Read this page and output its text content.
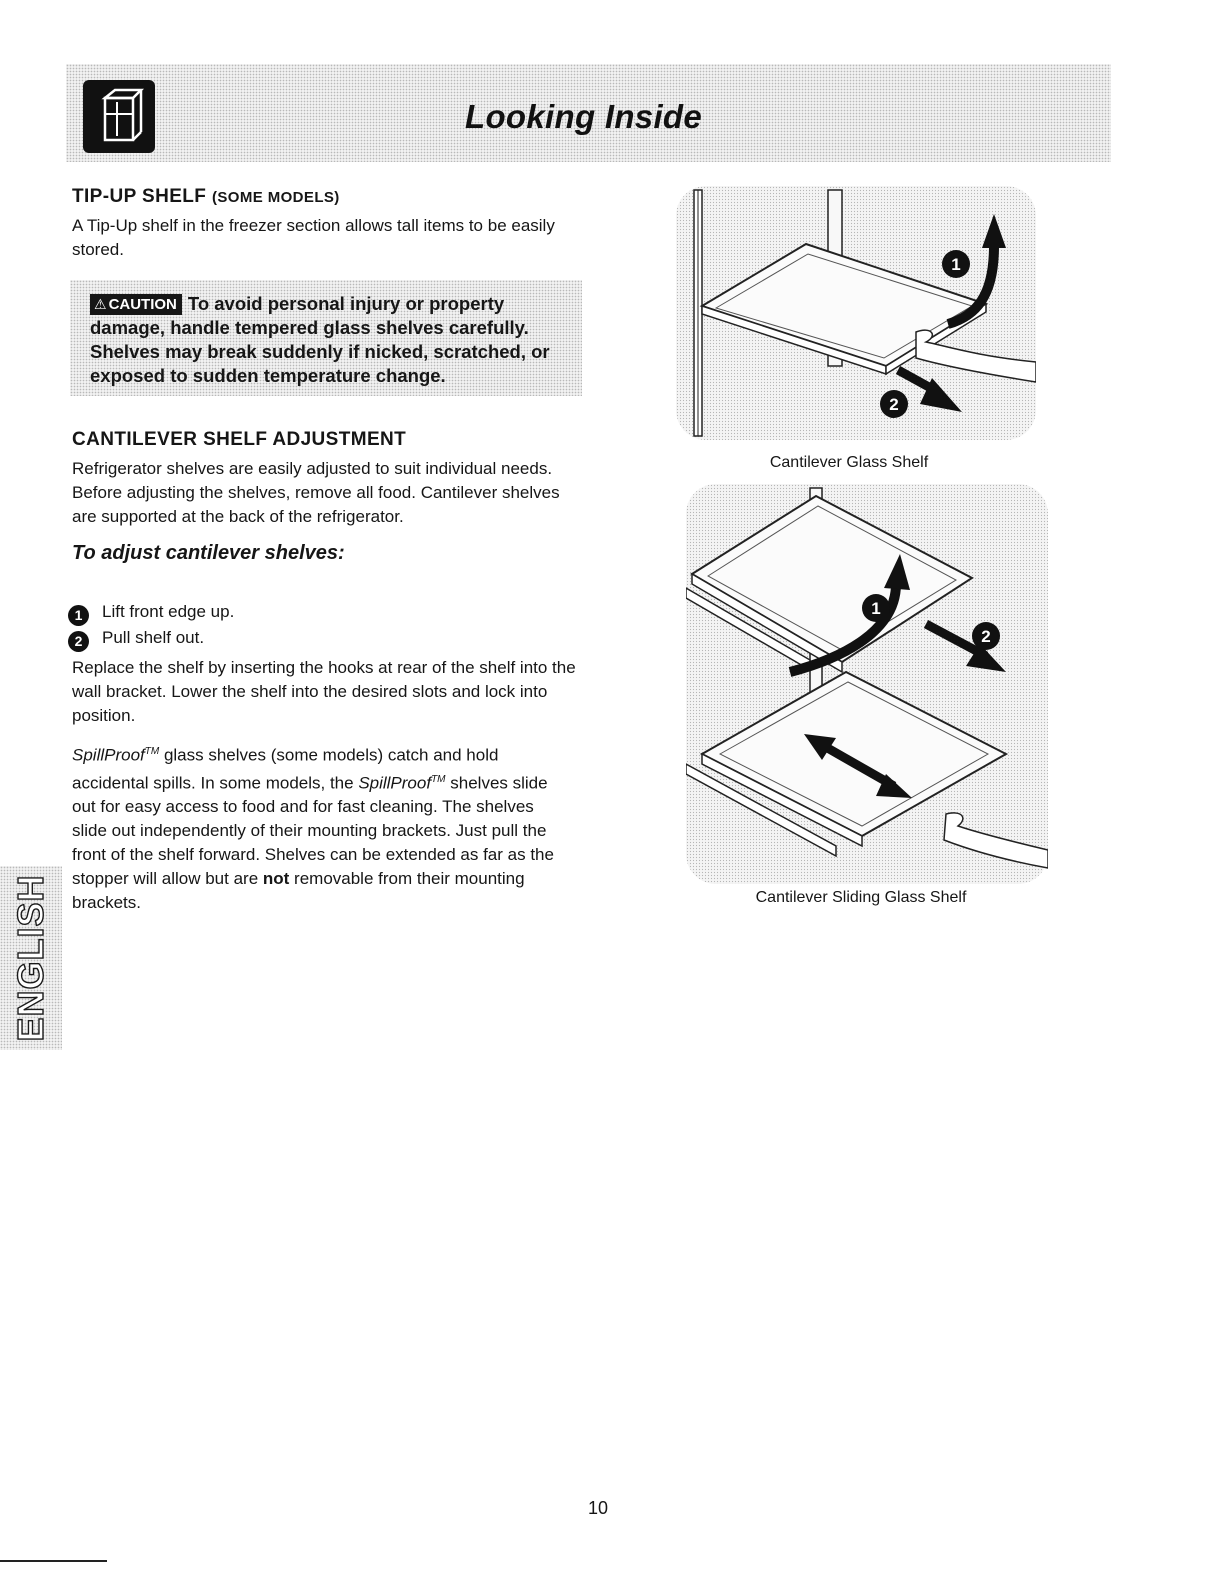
Looking Inside
TIP-UP SHELF (SOME MODELS)

A Tip-Up shelf in the freezer section allows tall items to be easily stored.

⚠ CAUTION To avoid personal injury or property damage, handle tempered glass shelves carefully. Shelves may break suddenly if nicked, scratched, or exposed to sudden temperature change.
CANTILEVER SHELF ADJUSTMENT

Refrigerator shelves are easily adjusted to suit individual needs. Before adjusting the shelves, remove all food. Cantilever shelves are supported at the back of the refrigerator.

To adjust cantilever shelves:

1 Lift front edge up.
2 Pull shelf out.

Replace the shelf by inserting the hooks at rear of the shelf into the wall bracket. Lower the shelf into the desired slots and lock into position.

SpillProof™ glass shelves (some models) catch and hold accidental spills. In some models, the SpillProof™ shelves slide out for easy access to food and for fast cleaning. The shelves slide out independently of their mounting brackets. Just pull the front of the shelf forward. Shelves can be extended as far as the stopper will allow but are not removable from their mounting brackets.

ENGLISH
1
2
Cantilever Glass Shelf
1
2
Cantilever Sliding Glass Shelf
10
